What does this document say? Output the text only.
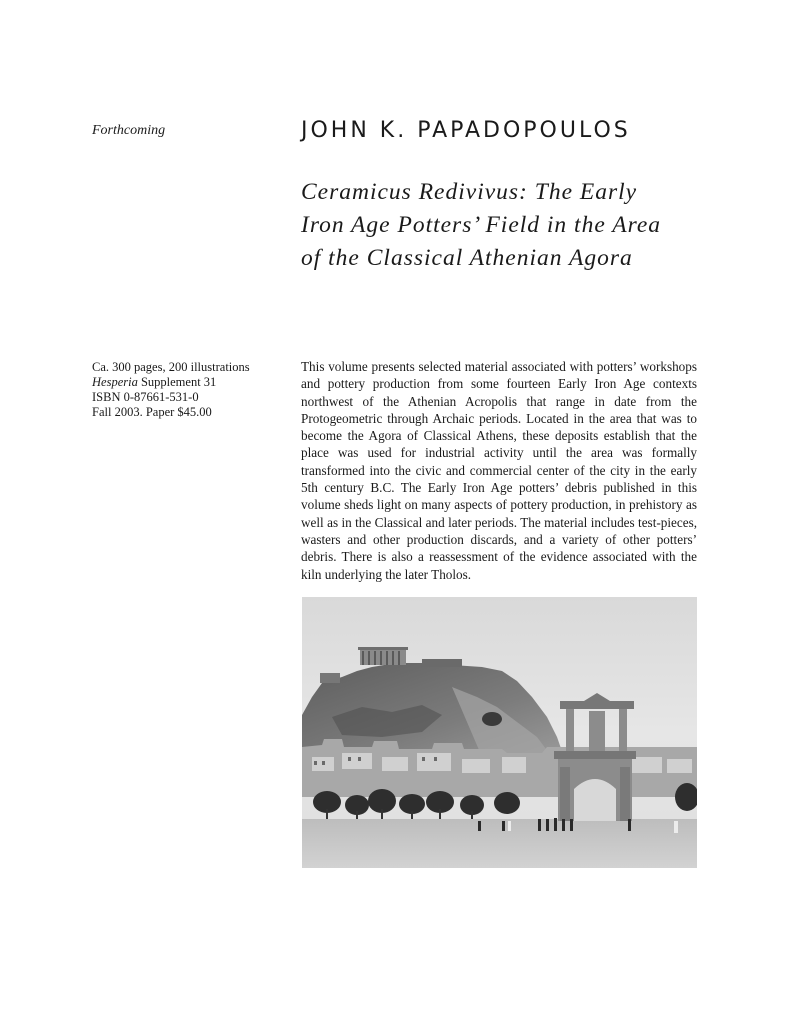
Forthcoming	JOHN K. PAPADOPOULOS
Ceramicus Redivivus: The Early
Iron Age Potters’ Field in the Area
of the Classical Athenian Agora
Ca. 300 pages, 200 illustrations
Hesperia Supplement 31
ISBN 0-87661-531-0
Fall 2003. Paper $45.00

This volume presents selected material associated with potters’ workshops and pottery production from some fourteen Early Iron Age contexts northwest of the Athenian Acropolis that range in date from the Protogeometric through Archaic periods. Located in the area that was to become the Agora of Classical Athens, these deposits establish that the place was used for industrial activity until the area was formally transformed into the civic and commercial center of the city in the early 5th century B.C. The Early Iron Age potters’ debris published in this volume sheds light on many aspects of pottery production, in prehistory as well as in the Classical and later periods. The material includes test-pieces, wasters and other production discards, and a variety of other potters’ debris. There is also a reassessment of the evidence associated with the kiln underlying the later Tholos.
